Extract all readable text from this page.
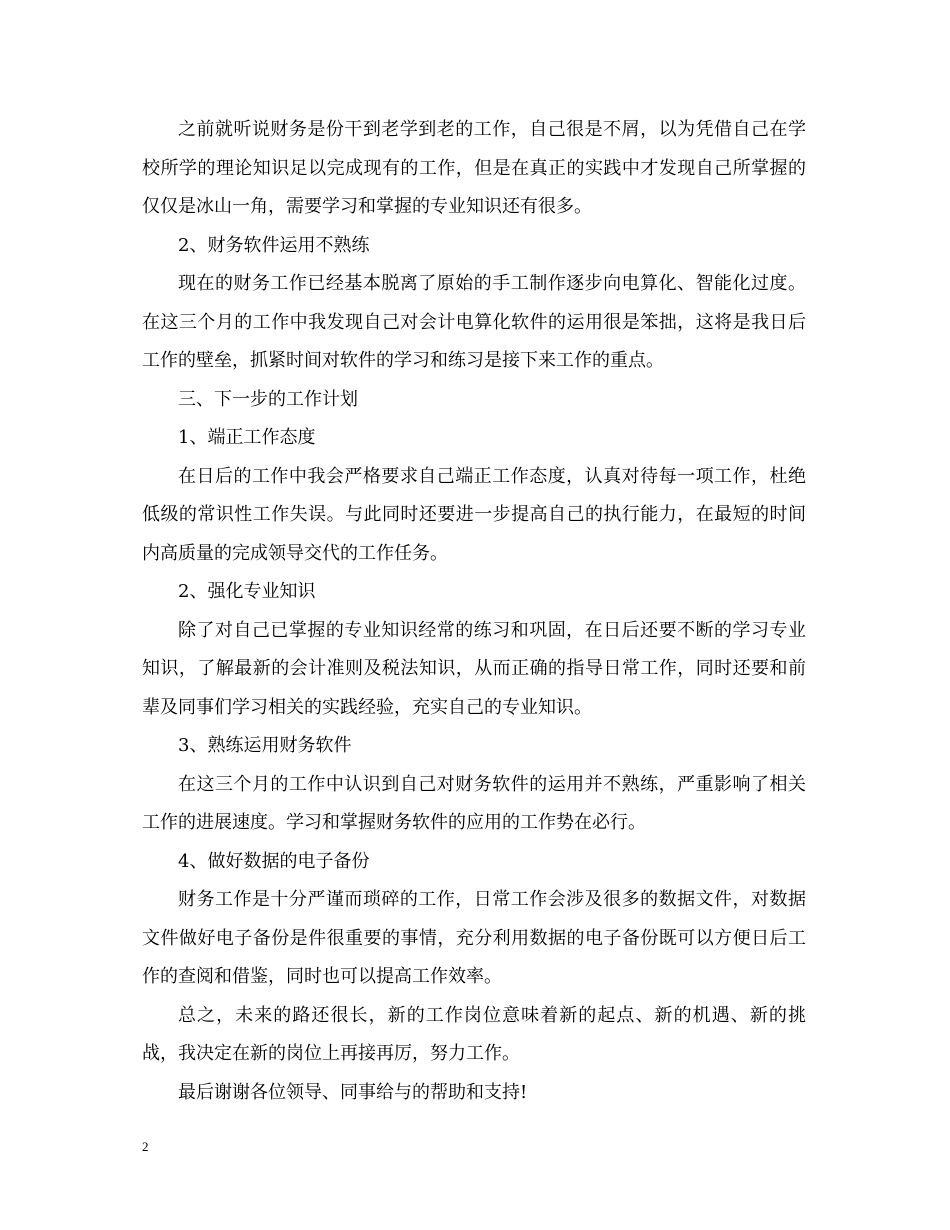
之前就听说财务是份干到老学到老的工作，自己很是不屑，以为凭借自己在学校所学的理论知识足以完成现有的工作，但是在真正的实践中才发现自己所掌握的仅仅是冰山一角，需要学习和掌握的专业知识还有很多。

2、财务软件运用不熟练

现在的财务工作已经基本脱离了原始的手工制作逐步向电算化、智能化过度。在这三个月的工作中我发现自己对会计电算化软件的运用很是笨拙，这将是我日后工作的壁垒，抓紧时间对软件的学习和练习是接下来工作的重点。

三、下一步的工作计划

1、端正工作态度

在日后的工作中我会严格要求自己端正工作态度，认真对待每一项工作，杜绝低级的常识性工作失误。与此同时还要进一步提高自己的执行能力，在最短的时间内高质量的完成领导交代的工作任务。

2、强化专业知识

除了对自己已掌握的专业知识经常的练习和巩固，在日后还要不断的学习专业知识，了解最新的会计准则及税法知识，从而正确的指导日常工作，同时还要和前辈及同事们学习相关的实践经验，充实自己的专业知识。

3、熟练运用财务软件

在这三个月的工作中认识到自己对财务软件的运用并不熟练，严重影响了相关工作的进展速度。学习和掌握财务软件的应用的工作势在必行。

4、做好数据的电子备份

财务工作是十分严谨而琐碎的工作，日常工作会涉及很多的数据文件，对数据文件做好电子备份是件很重要的事情，充分利用数据的电子备份既可以方便日后工作的查阅和借鉴，同时也可以提高工作效率。

总之，未来的路还很长，新的工作岗位意味着新的起点、新的机遇、新的挑战，我决定在新的岗位上再接再厉，努力工作。

最后谢谢各位领导、同事给与的帮助和支持!

2
